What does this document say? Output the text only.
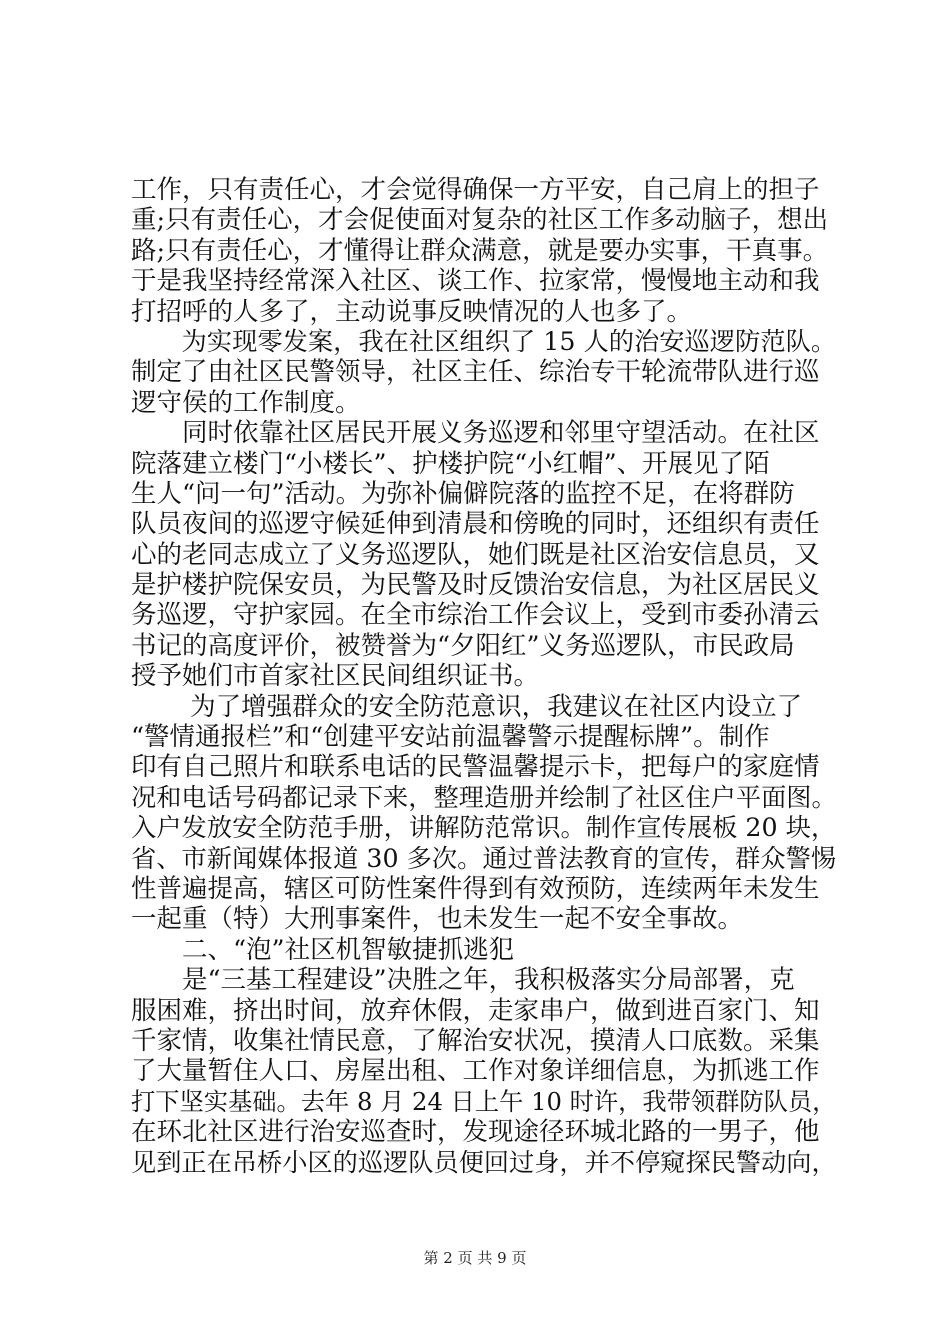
工作，只有责任心，才会觉得确保一方平安，自己肩上的担子
重;只有责任心，才会促使面对复杂的社区工作多动脑子，想出
路;只有责任心，才懂得让群众满意，就是要办实事，干真事。
于是我坚持经常深入社区、谈工作、拉家常，慢慢地主动和我
打招呼的人多了，主动说事反映情况的人也多了。
　　为实现零发案，我在社区组织了 15 人的治安巡逻防范队。
制定了由社区民警领导，社区主任、综治专干轮流带队进行巡
逻守侯的工作制度。
　　同时依靠社区居民开展义务巡逻和邻里守望活动。在社区
院落建立楼门“小楼长”、护楼护院“小红帽”、开展见了陌
生人“问一句”活动。为弥补偏僻院落的监控不足，在将群防
队员夜间的巡逻守候延伸到清晨和傍晚的同时，还组织有责任
心的老同志成立了义务巡逻队，她们既是社区治安信息员，又
是护楼护院保安员，为民警及时反馈治安信息，为社区居民义
务巡逻，守护家园。在全市综治工作会议上，受到市委孙清云
书记的高度评价，被赞誉为“夕阳红”义务巡逻队，市民政局
授予她们市首家社区民间组织证书。
　　 为了增强群众的安全防范意识，我建议在社区内设立了
“警情通报栏”和“创建平安站前温馨警示提醒标牌”。制作
印有自己照片和联系电话的民警温馨提示卡，把每户的家庭情
况和电话号码都记录下来，整理造册并绘制了社区住户平面图。
入户发放安全防范手册，讲解防范常识。制作宣传展板 20 块，
省、市新闻媒体报道 30 多次。通过普法教育的宣传，群众警惕
性普遍提高，辖区可防性案件得到有效预防，连续两年未发生
一起重（特）大刑事案件，也未发生一起不安全事故。
　　二、“泡”社区机智敏捷抓逃犯
　　是“三基工程建设”决胜之年，我积极落实分局部署，克
服困难，挤出时间，放弃休假，走家串户，做到进百家门、知
千家情，收集社情民意，了解治安状况，摸清人口底数。采集
了大量暂住人口、房屋出租、工作对象详细信息，为抓逃工作
打下坚实基础。去年 8 月 24 日上午 10 时许，我带领群防队员，
在环北社区进行治安巡查时，发现途径环城北路的一男子，他
见到正在吊桥小区的巡逻队员便回过身，并不停窥探民警动向，
第 2 页 共 9 页
